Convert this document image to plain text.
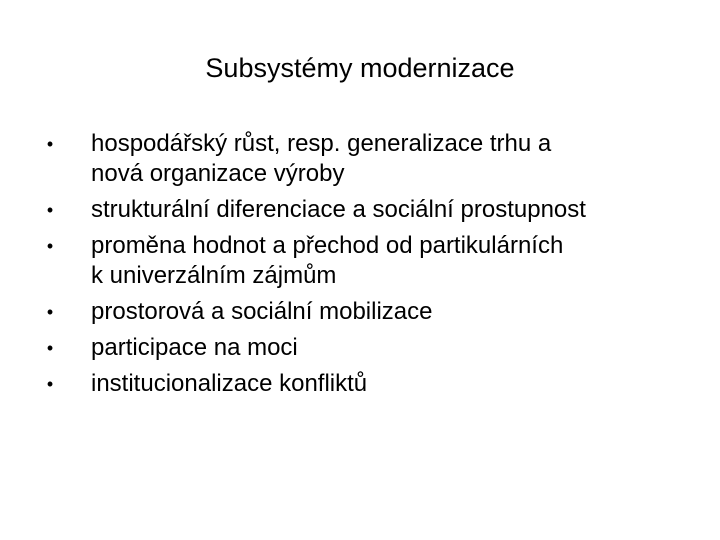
Subsystémy modernizace
• hospodářský růst, resp. generalizace trhu a
nová organizace výroby
• strukturální diferenciace a sociální prostupnost
• proměna hodnot a přechod od partikulárních
k univerzálním zájmům
• prostorová a sociální mobilizace
• participace na moci
• institucionalizace konfliktů
